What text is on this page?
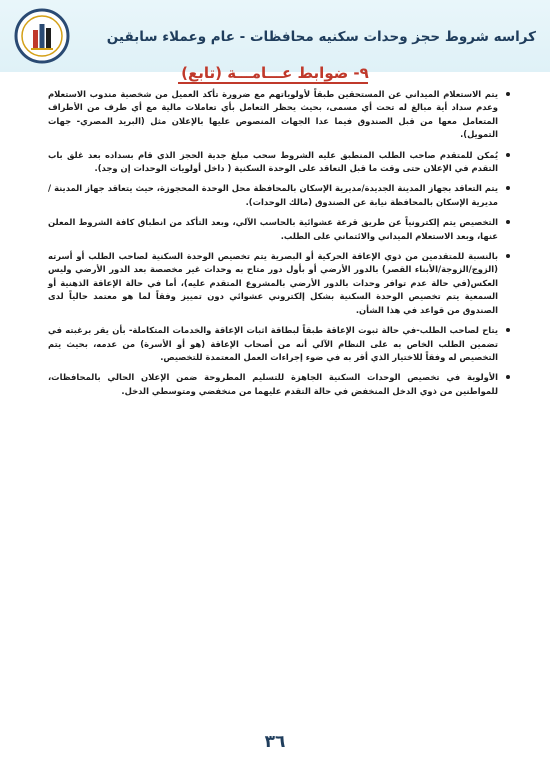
كراسه شروط حجز وحدات سكنيه محافظات - عام وعملاء سابقين
٩- ضوابط عـــامـــة (تابع)
يتم الاستعلام الميداني عن المستحقين طبقاً لأولوياتهم مع ضرورة تأكد العميل من شخصية مندوب الاستعلام وعدم سداد أية مبالغ له تحت أي مسمى، بحيث يحظر التعامل بأي تعاملات مالية مع أي طرف من الأطراف المتعامل معها من قبل الصندوق فيما عدا الجهات المنصوص عليها بالإعلان مثل (البريد المصري- جهات التمويل).
يُمكن للمتقدم صاحب الطلب المنطبق عليه الشروط سحب مبلغ جدية الحجز الذي قام بسداده بعد غلق باب التقدم في الإعلان حتى وقت ما قبل التعاقد على الوحدة السكنية ( داخل أولويات الوحدات إن وجد).
يتم التعاقد بجهاز المدينة الجديدة/مديرية الإسكان بالمحافظة محل الوحدة المحجوزة، حيث يتعاقد جهاز المدينة / مديرية الإسكان بالمحافظة نيابة عن الصندوق (مالك الوحدات).
التخصيص يتم إلكترونياً عن طريق قرعة عشوائية بالحاسب الآلي، وبعد التأكد من انطباق كافة الشروط المعلن عنها، وبعد الاستعلام الميداني والائتماني على الطلب.
بالنسبة للمتقدمين من ذوي الإعاقة الحركية أو البصرية يتم تخصيص الوحدة السكنية لصاحب الطلب أو أسرته (الزوج/الزوجة/الأبناء القصر) بالدور الأرضي أو بأول دور متاح به وحدات غير مخصصة بعد الدور الأرضي وليس العكس(في حالة عدم توافر وحدات بالدور الأرضي بالمشروع المتقدم عليه)، أما في حالة الإعاقة الذهنية أو السمعية يتم تخصيص الوحدة السكنية بشكل إلكتروني عشوائي دون تمييز وفقاً لما هو معتمد حالياً لدى الصندوق من قواعد في هذا الشأن.
يتاح لصاحب الطلب-في حالة ثبوت الإعاقة طبقاً لبطاقة اثبات الإعاقة والخدمات المتكاملة- بأن يقر برغبته في تضمين الطلب الخاص به على النظام الآلي أنه من أصحاب الإعاقة (هو أو الأسرة) من عدمه، بحيث يتم التخصيص له وفقاً للاختيار الذي أقر به في ضوء إجراءات العمل المعتمدة للتخصيص.
الأولوية في تخصيص الوحدات السكنية الجاهزة للتسليم المطروحة ضمن الإعلان الحالي بالمحافظات، للمواطنين من ذوي الدخل المنخفض في حالة التقدم عليهما من منخفضي ومتوسطي الدخل.
٣٦
